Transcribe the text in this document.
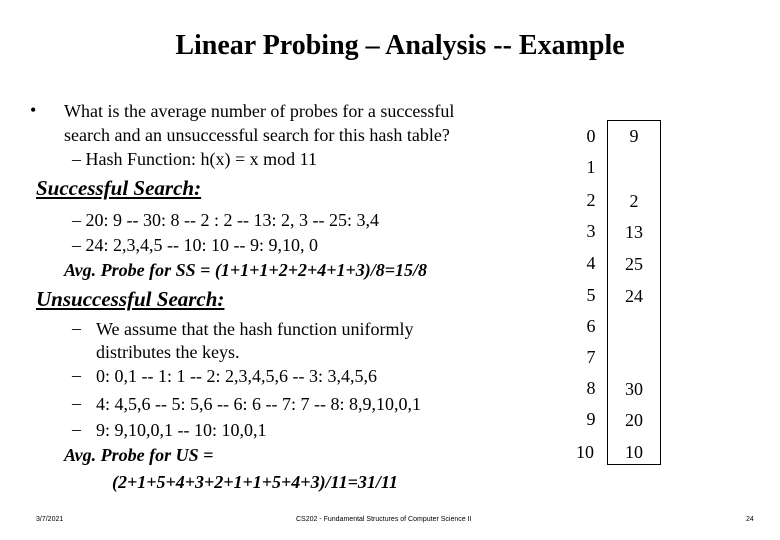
Linear Probing – Analysis -- Example
• What is the average number of probes for a successful
search and an unsuccessful search for this hash table?
– Hash Function: h(x) = x mod 11
Successful Search:
– 20: 9 -- 30: 8 -- 2 : 2 -- 13: 2, 3 -- 25: 3,4
– 24: 2,3,4,5 -- 10: 10 -- 9: 9,10, 0
Avg. Probe for SS = (1+1+1+2+2+4+1+3)/8=15/8
Unsuccessful Search:
– We assume that the hash function uniformly
distributes the keys.
– 0: 0,1 -- 1: 1 -- 2: 2,3,4,5,6 -- 3: 3,4,5,6
– 4: 4,5,6 -- 5: 5,6 -- 6: 6 -- 7: 7 -- 8: 8,9,10,0,1
– 9: 9,10,0,1 -- 10: 10,0,1
Avg. Probe for US =
(2+1+5+4+3+2+1+1+5+4+3)/11=31/11
0
1
2
3
4
5
6
7
8
9
10
9
2
13
25
24
30
20
10
3/7/2021	CS202 - Fundamental Structures of Computer Science II	24
